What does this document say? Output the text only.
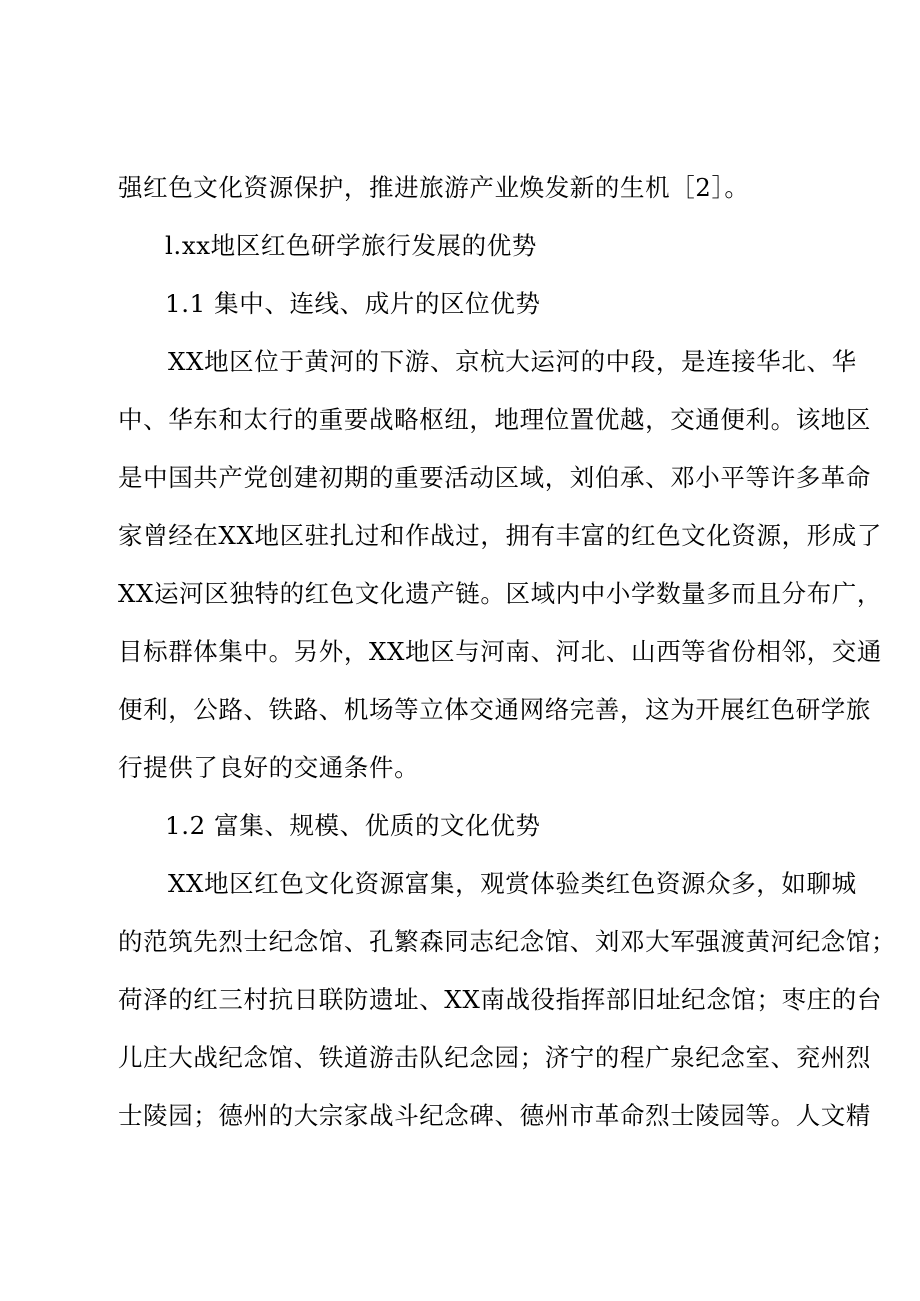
强红色文化资源保护，推进旅游产业焕发新的生机［2］。
l.xx地区红色研学旅行发展的优势
1.1 集中、连线、成片的区位优势
XX地区位于黄河的下游、京杭大运河的中段，是连接华北、华
中、华东和太行的重要战略枢纽，地理位置优越，交通便利。该地区
是中国共产党创建初期的重要活动区域，刘伯承、邓小平等许多革命
家曾经在XX地区驻扎过和作战过，拥有丰富的红色文化资源，形成了
XX运河区独特的红色文化遗产链。区域内中小学数量多而且分布广，
目标群体集中。另外，XX地区与河南、河北、山西等省份相邻，交通
便利，公路、铁路、机场等立体交通网络完善，这为开展红色研学旅
行提供了良好的交通条件。
1.2 富集、规模、优质的文化优势
XX地区红色文化资源富集，观赏体验类红色资源众多，如聊城
的范筑先烈士纪念馆、孔繁森同志纪念馆、刘邓大军强渡黄河纪念馆；
荷泽的红三村抗日联防遗址、XX南战役指挥部旧址纪念馆；枣庄的台
儿庄大战纪念馆、铁道游击队纪念园；济宁的程广泉纪念室、兖州烈
士陵园；德州的大宗家战斗纪念碑、德州市革命烈士陵园等。人文精
